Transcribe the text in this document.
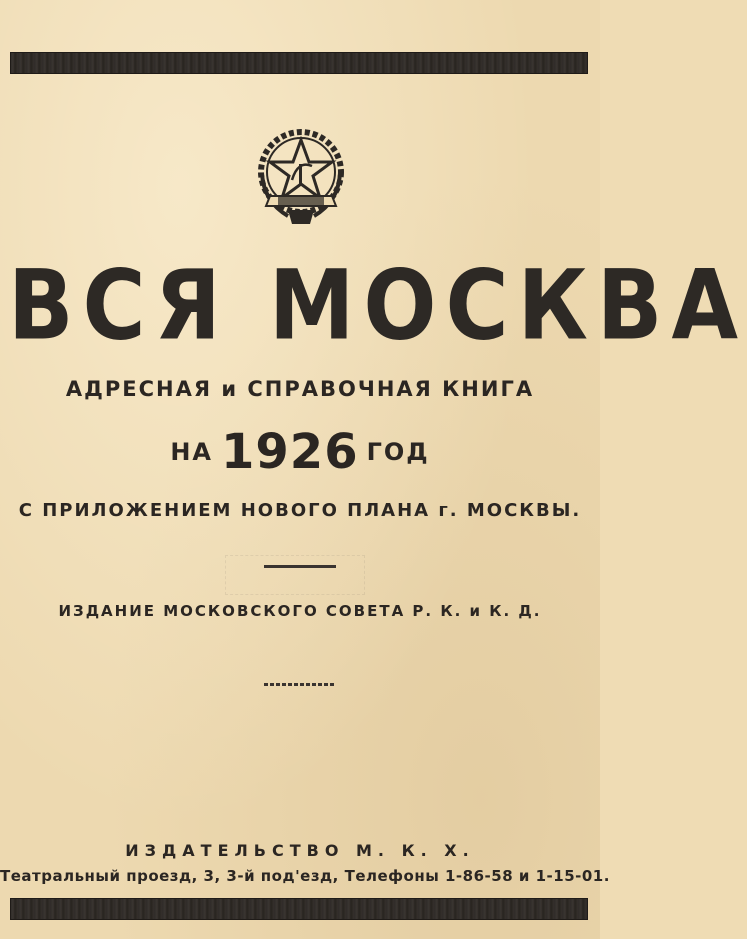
ВСЯ МОСКВА
АДРЕСНАЯ и СПРАВОЧНАЯ КНИГА
НА 1926 ГОД
С ПРИЛОЖЕНИЕМ НОВОГО ПЛАНА г. МОСКВЫ.
ИЗДАНИЕ МОСКОВСКОГО СОВЕТА Р. К. и К. Д.
ИЗДАТЕЛЬСТВО М. К. Х.
Театральный проезд, 3, 3-й под'езд, Телефоны 1-86-58 и 1-15-01.
